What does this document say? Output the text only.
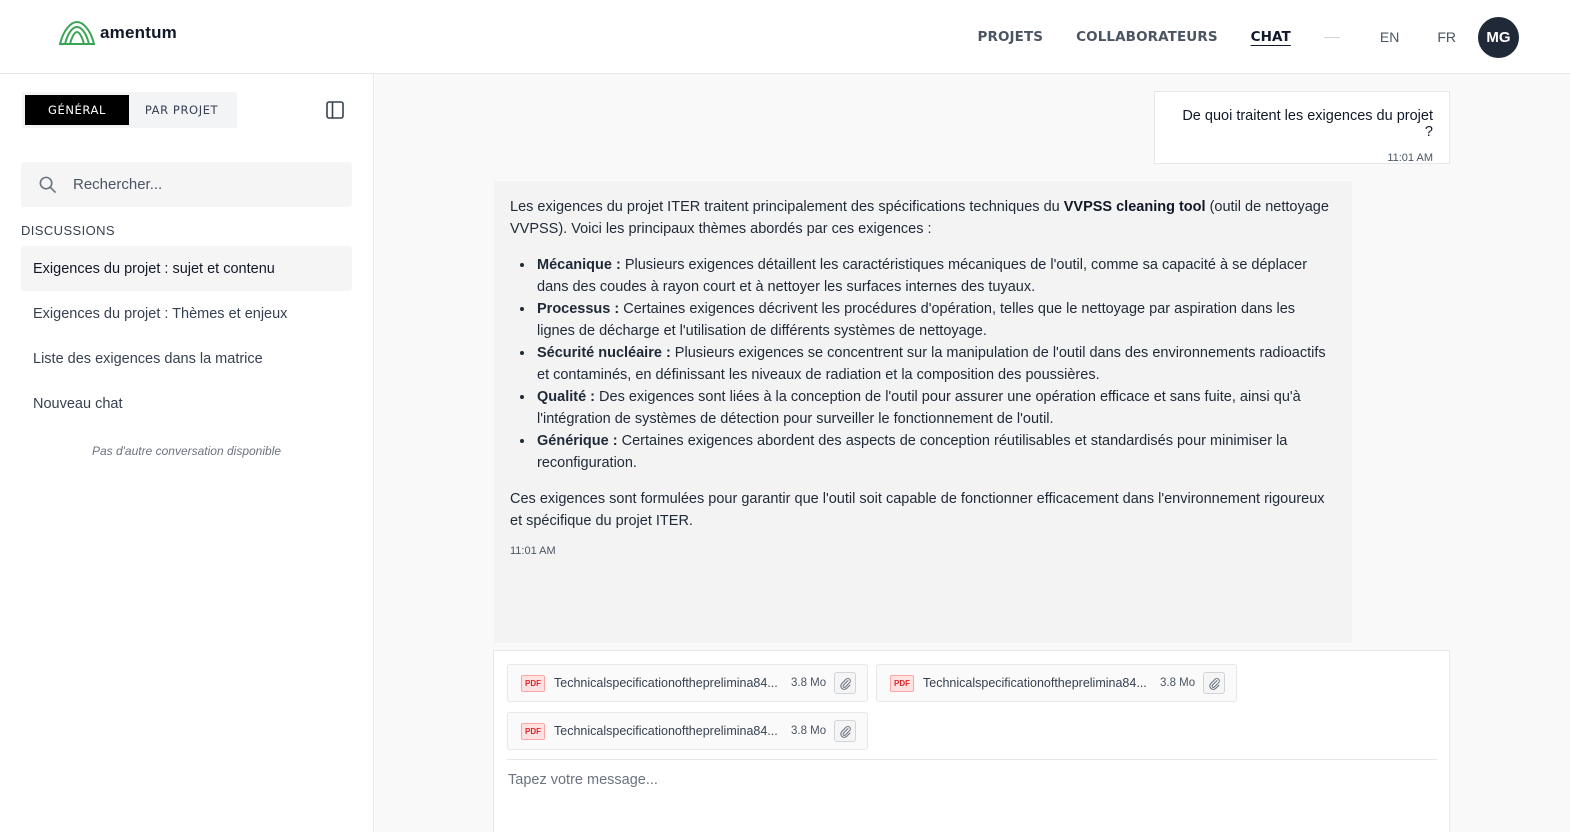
amentum	PROJETS COLLABORATEURS CHAT	EN	FR	MG
GÉNÉRAL	PAR PROJET
Rechercher...
DISCUSSIONS
Exigences du projet : sujet et contenu
Exigences du projet : Thèmes et enjeux
Liste des exigences dans la matrice
Nouveau chat
Pas d'autre conversation disponible
De quoi traitent les exigences du projet ?
11:01 AM

Les exigences du projet ITER traitent principalement des spécifications techniques du VVPSS cleaning tool (outil de nettoyage VVPSS). Voici les principaux thèmes abordés par ces exigences :

• Mécanique : Plusieurs exigences détaillent les caractéristiques mécaniques de l'outil, comme sa capacité à se déplacer dans des coudes à rayon court et à nettoyer les surfaces internes des tuyaux.
• Processus : Certaines exigences décrivent les procédures d'opération, telles que le nettoyage par aspiration dans les lignes de décharge et l'utilisation de différents systèmes de nettoyage.
• Sécurité nucléaire : Plusieurs exigences se concentrent sur la manipulation de l'outil dans des environnements radioactifs et contaminés, en définissant les niveaux de radiation et la composition des poussières.
• Qualité : Des exigences sont liées à la conception de l'outil pour assurer une opération efficace et sans fuite, ainsi qu'à l'intégration de systèmes de détection pour surveiller le fonctionnement de l'outil.
• Générique : Certaines exigences abordent des aspects de conception réutilisables et standardisés pour minimiser la reconfiguration.

Ces exigences sont formulées pour garantir que l'outil soit capable de fonctionner efficacement dans l'environnement rigoureux et spécifique du projet ITER.

11:01 AM
PDF	Technicalspecificationoftheprelimina84...	3.8 Mo	PDF	Technicalspecificationoftheprelimina84...	3.8 Mo
PDF	Technicalspecificationoftheprelimina84...	3.8 Mo
Tapez votre message...
